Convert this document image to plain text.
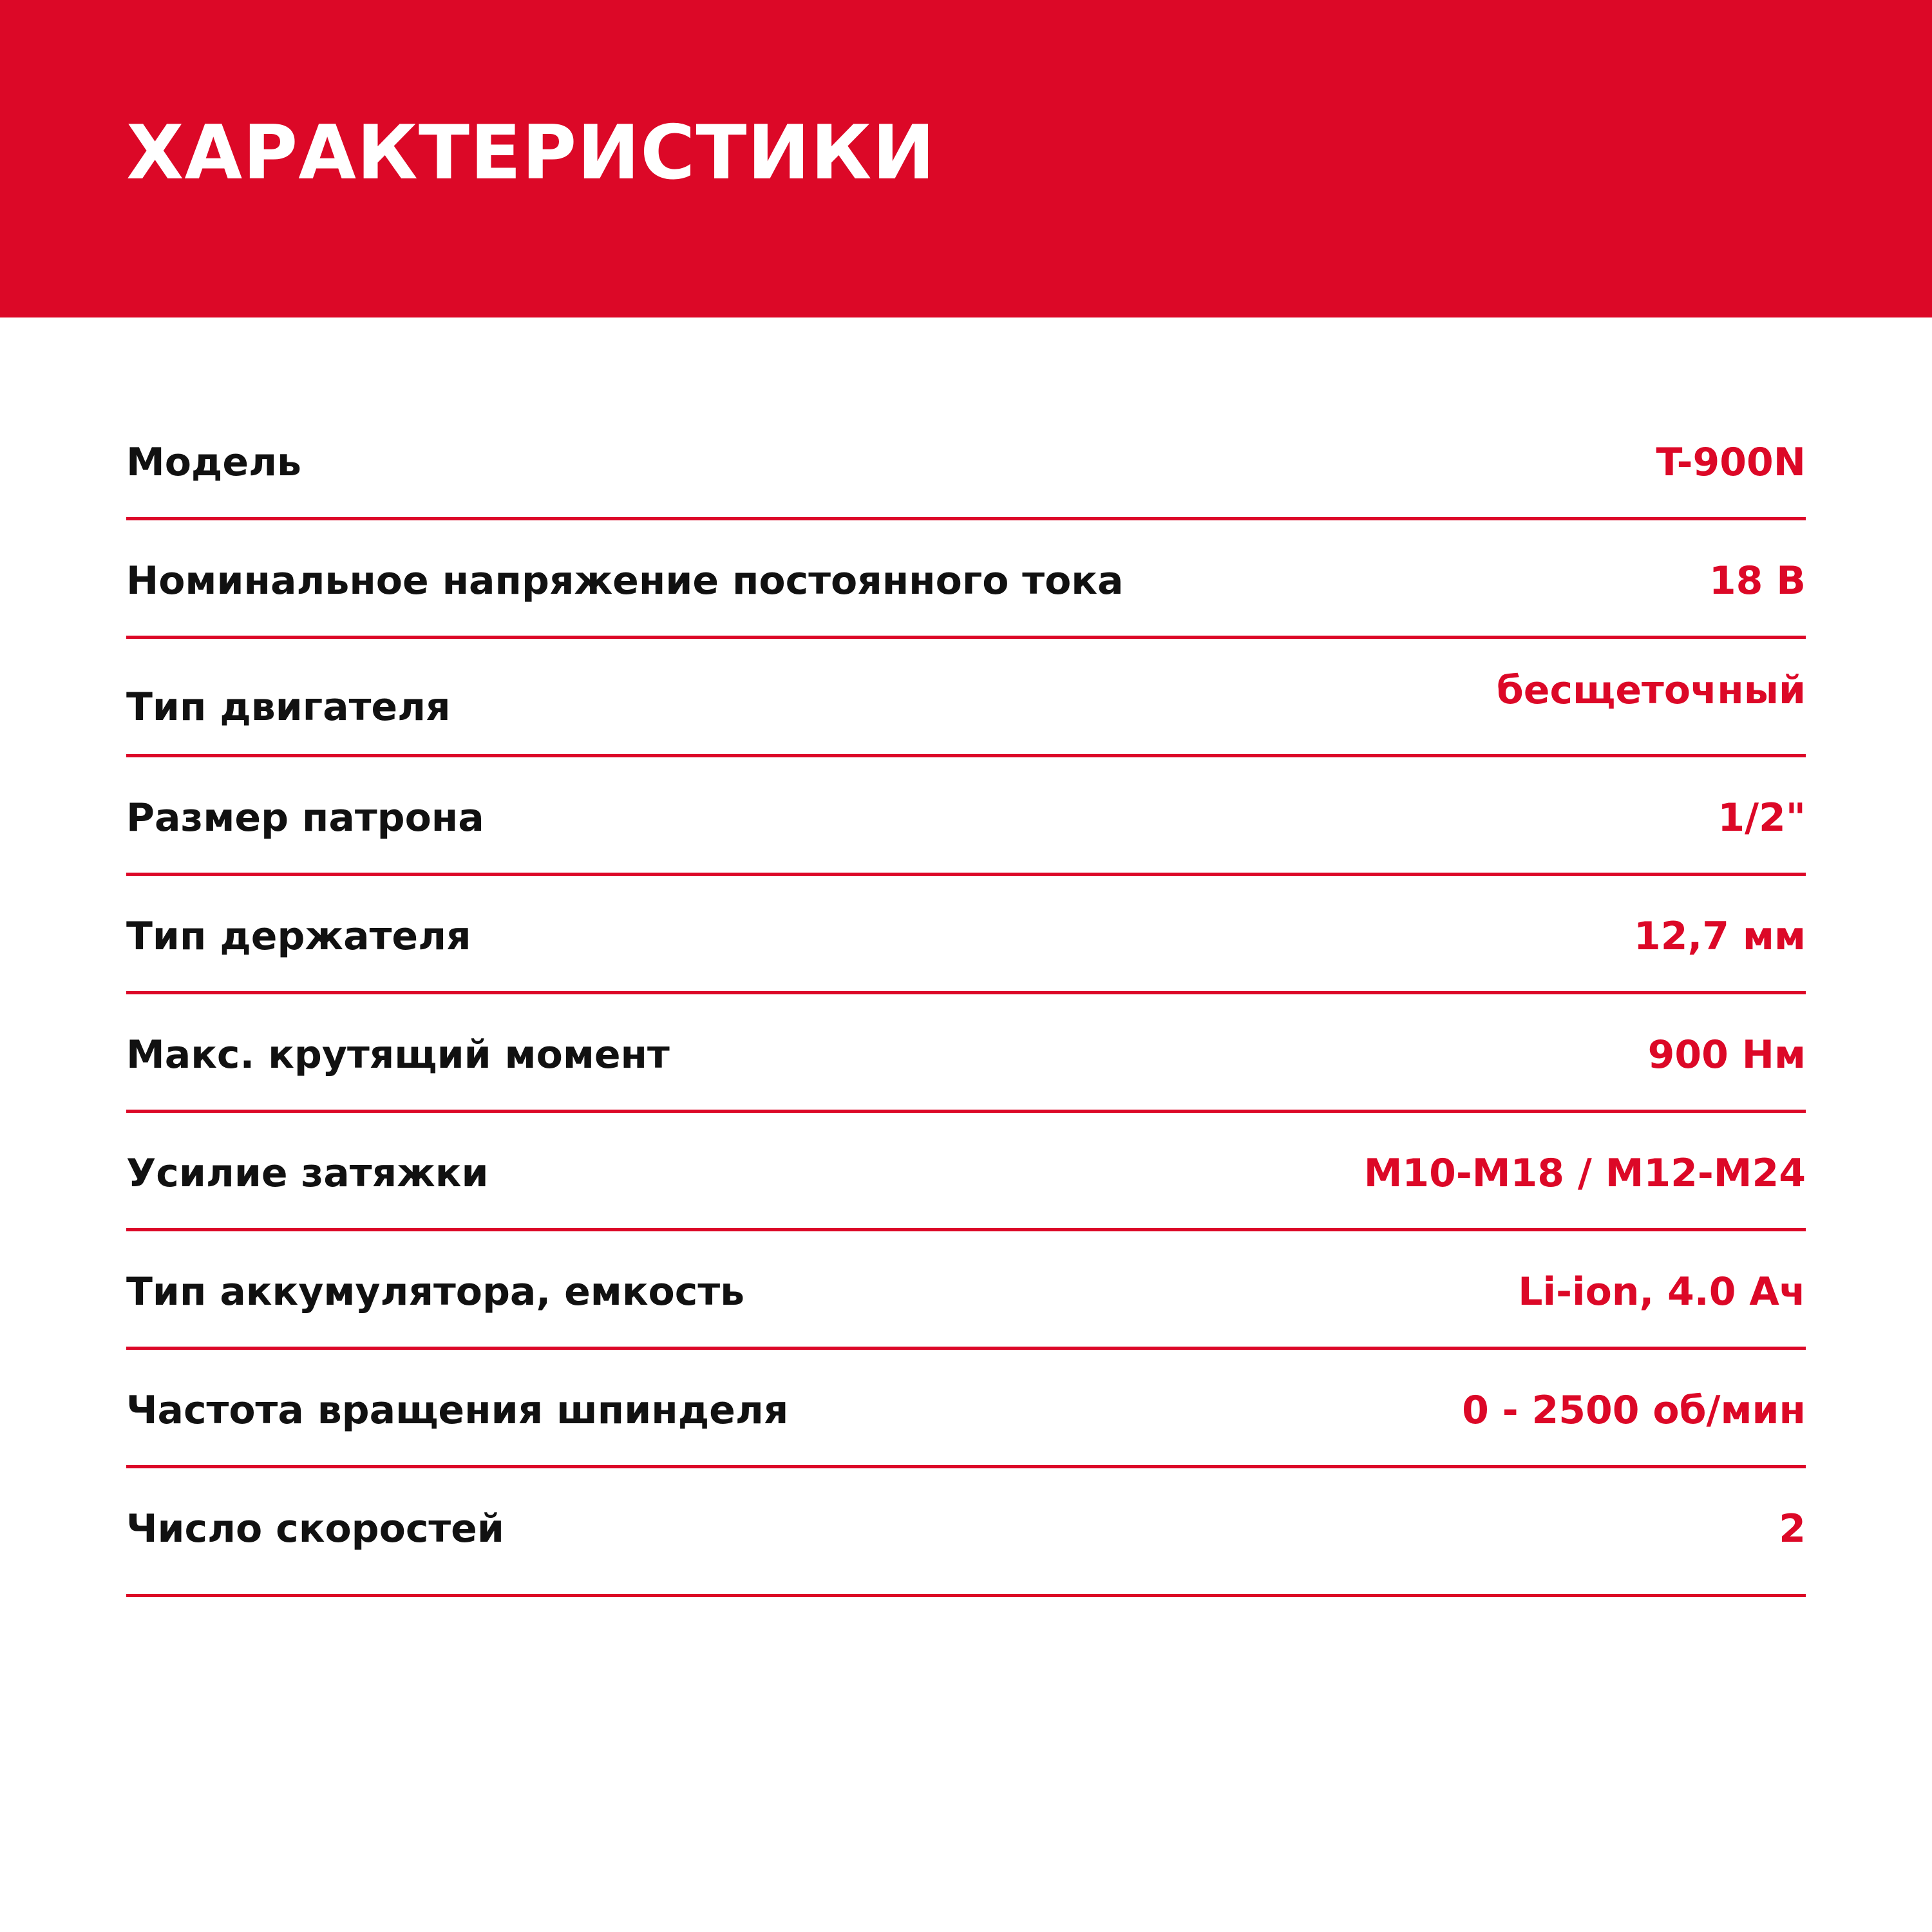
ХАРАКТЕРИСТИКИ
Модель	T-900N
Номинальное напряжение постоянного тока	18 В
Тип двигателя	бесщеточный
Размер патрона	1/2"
Тип держателя	12,7 мм
Макс. крутящий момент	900 Нм
Усилие затяжки	М10-М18 / М12-М24
Тип аккумулятора, емкость	Li-ion, 4.0 Ач
Частота вращения шпинделя	0 - 2500 об/мин
Число скоростей	2
